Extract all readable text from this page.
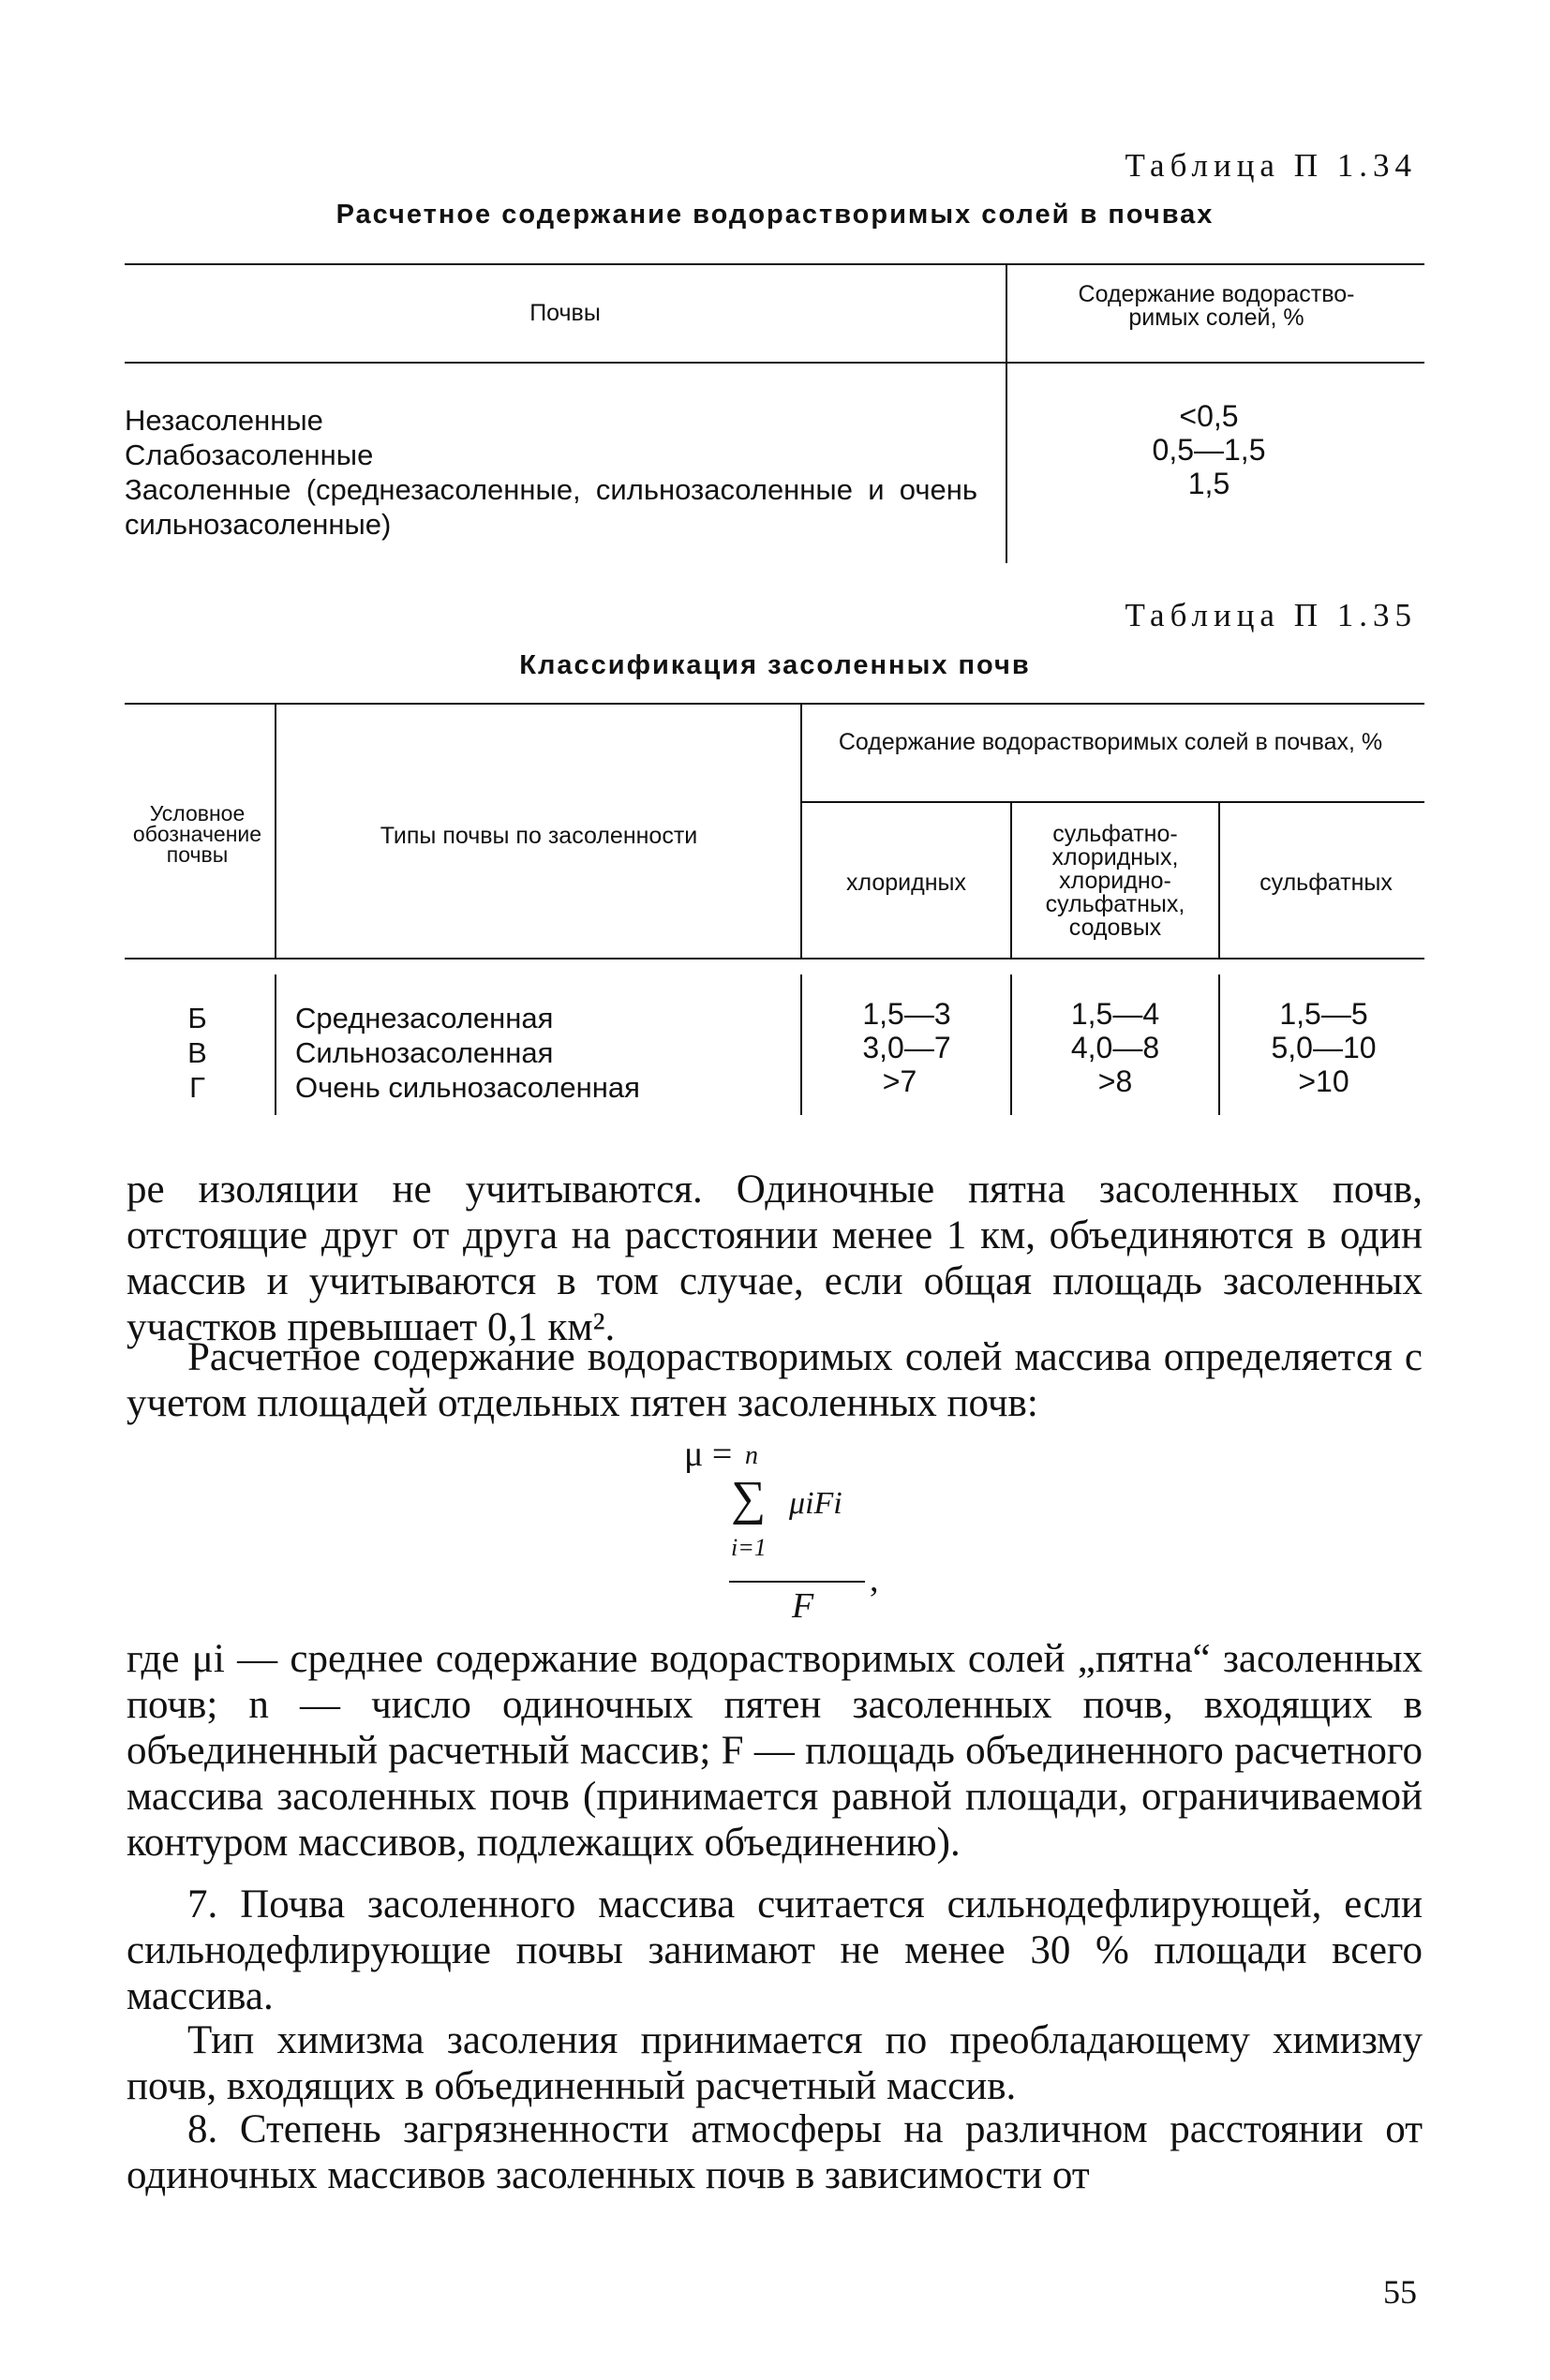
Таблица П 1.34
Расчетное содержание водорастворимых солей в почвах
Почвы
Содержание водораство-римых солей, %
Незасоленные
Слабозасоленные
Засоленные (среднезасоленные, сильнозасоленные и очень сильнозасоленные)
<0,5
0,5—1,5
1,5
Таблица П 1.35
Классификация засоленных почв
Условное обозначение почвы
Типы почвы по засоленности
Содержание водорастворимых солей в почвах, %
хлоридных
сульфатно-хлоридных, хлоридно-сульфатных, содовых
сульфатных
Б
В
Г
Среднезасоленная
Сильнозасоленная
Очень сильнозасоленная
1,5—3
3,0—7
>7
1,5—4
4,0—8
>8
1,5—5
5,0—10
>10

ре изоляции не учитываются. Одиночные пятна засоленных почв, отстоящие друг от друга на расстоянии менее 1 км, объединяются в один массив и учитываются в том случае, если общая площадь засоленных участков превышает 0,1 км².

Расчетное содержание водорастворимых солей массива определяется с учетом площадей отдельных пятен засоленных почв:

μ = n
∑ μiFi
i=1
F
,

где μi — среднее содержание водорастворимых солей „пятна“ засоленных почв; n — число одиночных пятен засоленных почв, входящих в объединенный расчетный массив; F — площадь объединенного расчетного массива засоленных почв (принимается равной площади, ограничиваемой контуром массивов, подлежащих объединению).

7. Почва засоленного массива считается сильнодефлирующей, если сильнодефлирующие почвы занимают не менее 30 % площади всего массива.

Тип химизма засоления принимается по преобладающему химизму почв, входящих в объединенный расчетный массив.

8. Степень загрязненности атмосферы на различном расстоянии от одиночных массивов засоленных почв в зависимости от

55
